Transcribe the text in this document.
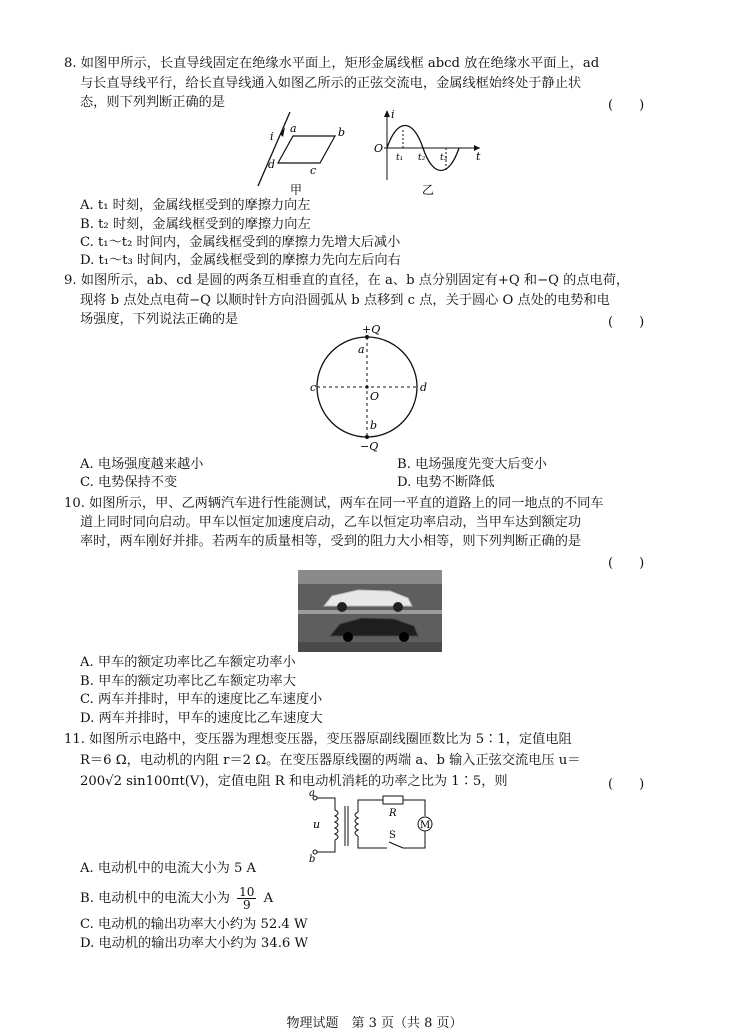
8. 如图甲所示，长直导线固定在绝缘水平面上，矩形金属线框 abcd 放在绝缘水平面上，ad
与长直导线平行，给长直导线通入如图乙所示的正弦交流电，金属线框始终处于静止状
态，则下列判断正确的是	(　　)
i
a	b
c
d
甲
i
t
O
t₁ t₂ t₃
乙
A. t₁ 时刻，金属线框受到的摩擦力向左
B. t₂ 时刻，金属线框受到的摩擦力向左
C. t₁～t₂ 时间内，金属线框受到的摩擦力先增大后减小
D. t₁～t₃ 时间内，金属线框受到的摩擦力先向左后向右
9. 如图所示，ab、cd 是圆的两条互相垂直的直径，在 a、b 点分别固定有+Q 和−Q 的点电荷，
现将 b 点处点电荷−Q 以顺时针方向沿圆弧从 b 点移到 c 点，关于圆心 O 点处的电势和电
场强度，下列说法正确的是	(　　)
+Q
a
c	d
O
b
−Q
A. 电场强度越来越小	B. 电场强度先变大后变小
C. 电势保持不变	D. 电势不断降低
10. 如图所示，甲、乙两辆汽车进行性能测试，两车在同一平直的道路上的同一地点的不同车
道上同时同向启动。甲车以恒定加速度启动，乙车以恒定功率启动，当甲车达到额定功
率时，两车刚好并排。若两车的质量相等，受到的阻力大小相等，则下列判断正确的是
(　　)
A. 甲车的额定功率比乙车额定功率小
B. 甲车的额定功率比乙车额定功率大
C. 两车并排时，甲车的速度比乙车速度小
D. 两车并排时，甲车的速度比乙车速度大
11. 如图所示电路中，变压器为理想变压器，变压器原副线圈匝数比为 5∶1，定值电阻
R＝6 Ω，电动机的内阻 r＝2 Ω。在变压器原线圈的两端 a、b 输入正弦交流电压 u＝
200√2 sin100πt(V)，定值电阻 R 和电动机消耗的功率之比为 1∶5，则	(　　)
a
b
u
R
M
S
A. 电动机中的电流大小为 5 A
B. 电动机中的电流大小为 $\frac{10}{9}$ A
C. 电动机的输出功率大小约为 52.4 W
D. 电动机的输出功率大小约为 34.6 W
物理试题　第 3 页（共 8 页）
